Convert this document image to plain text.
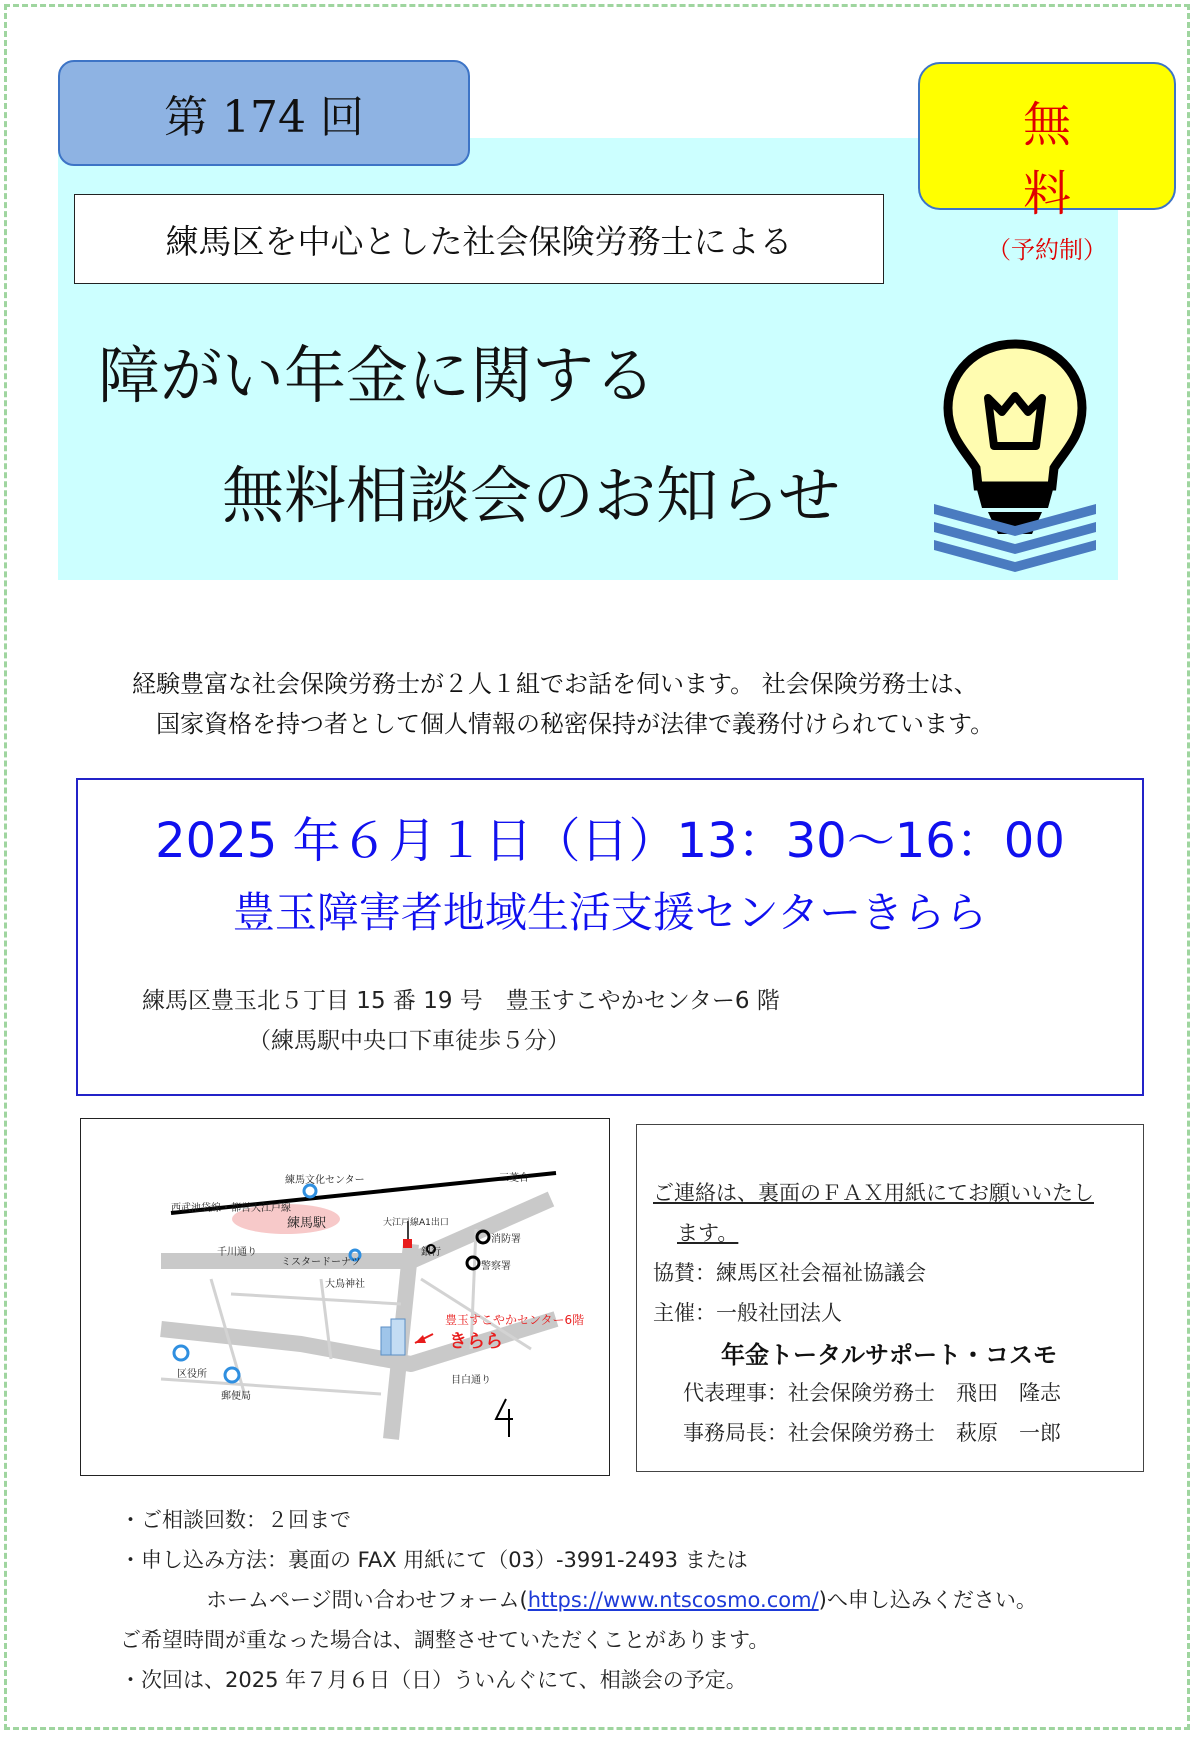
第 174 回	無　料
（予約制）
練馬区を中心とした社会保険労務士による
障がい年金に関する
無料相談会のお知らせ
経験豊富な社会保険労務士が２人１組でお話を伺います。 社会保険労務士は、
国家資格を持つ者として個人情報の秘密保持が法律で義務付けられています。
2025 年６月１日（日）13：30～16：00
豊玉障害者地域生活支援センターきらら
練馬区豊玉北５丁目 15 番 19 号　豊玉すこやかセンター6 階
（練馬駅中央口下車徒歩５分）
練馬文化センター	三菱合
西武池袋線・都営大江戸線
練馬駅	大江戸線A1出口
千川通り
ミスタードーナツ
銀行
消防署
警察署
大鳥神社
区役所
郵便局
目白通り
豊玉すこやかセンター6階
きらら
ご連絡は、裏面のＦＡＸ用紙にてお願いいたし
ます。
協賛：練馬区社会福祉協議会
主催：一般社団法人
年金トータルサポート・コスモ
代表理事：社会保険労務士　飛田　隆志
事務局長：社会保険労務士　萩原　一郎
・ご相談回数：２回まで
・申し込み方法：裏面の FAX 用紙にて（03）-3991-2493 または
ホームページ問い合わせフォーム(https://www.ntscosmo.com/)へ申し込みください。
ご希望時間が重なった場合は、調整させていただくことがあります。
・次回は、2025 年７月６日（日）ういんぐにて、相談会の予定。
